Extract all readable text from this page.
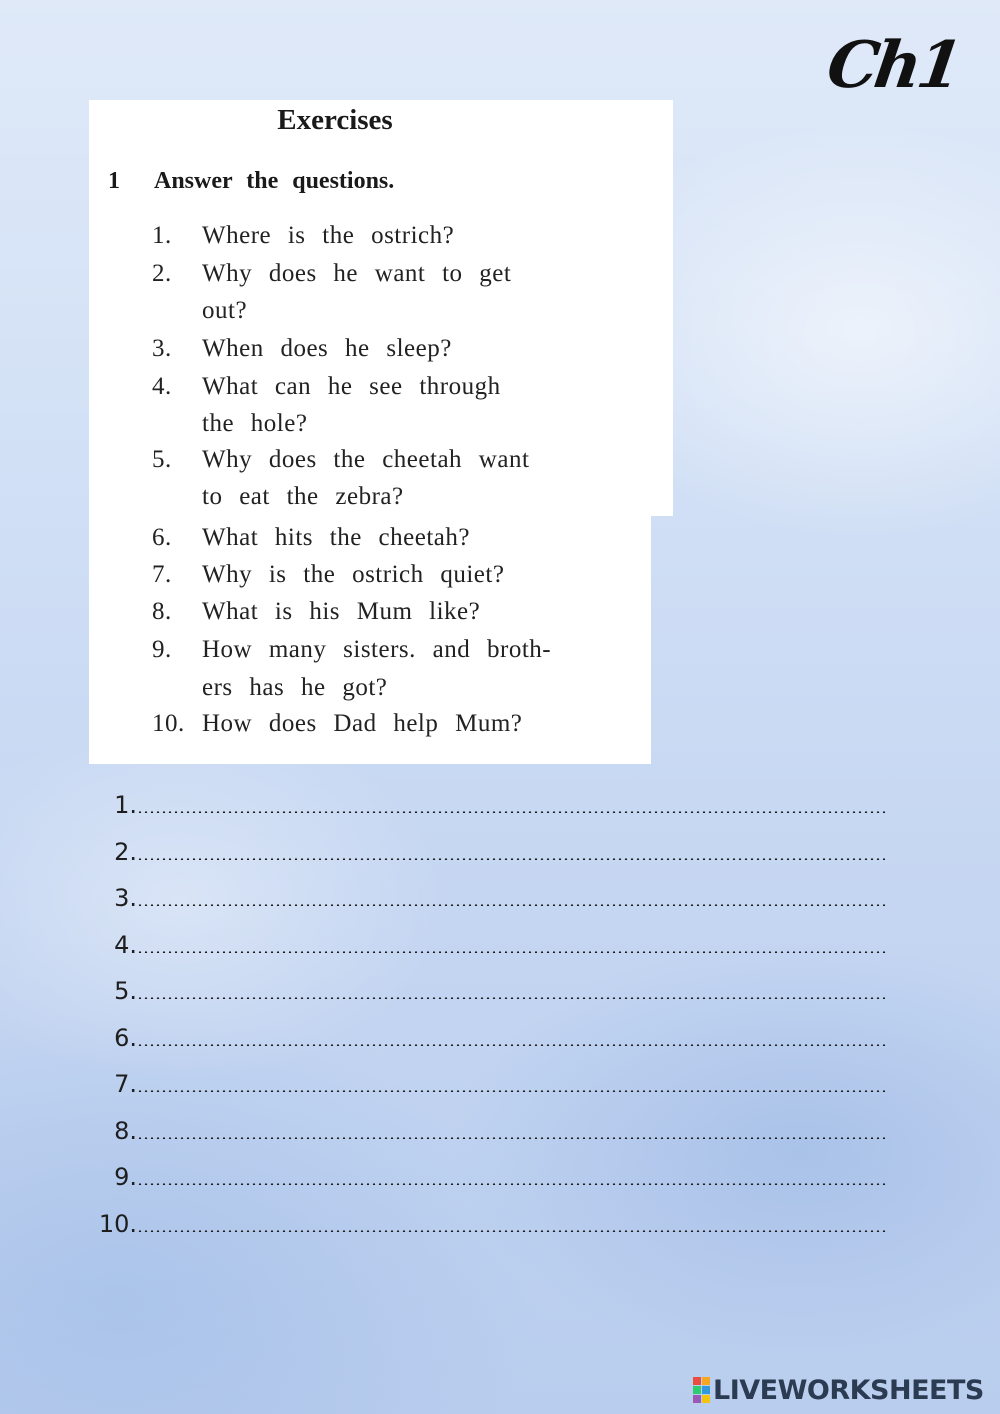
Ch1
Exercises
1 Answer the questions.
1. Where is the ostrich?
2. Why does he want to get
out?
3. When does he sleep?
4. What can he see through
the hole?
5. Why does the cheetah want
to eat the zebra?
6. What hits the cheetah?
7. Why is the ostrich quiet?
8. What is his Mum like?
9. How many sisters. and broth-
ers has he got?
10. How does Dad help Mum?
1.
2.
3.
4.
5.
6.
7.
8.
9.
10.
LIVEWORKSHEETS
